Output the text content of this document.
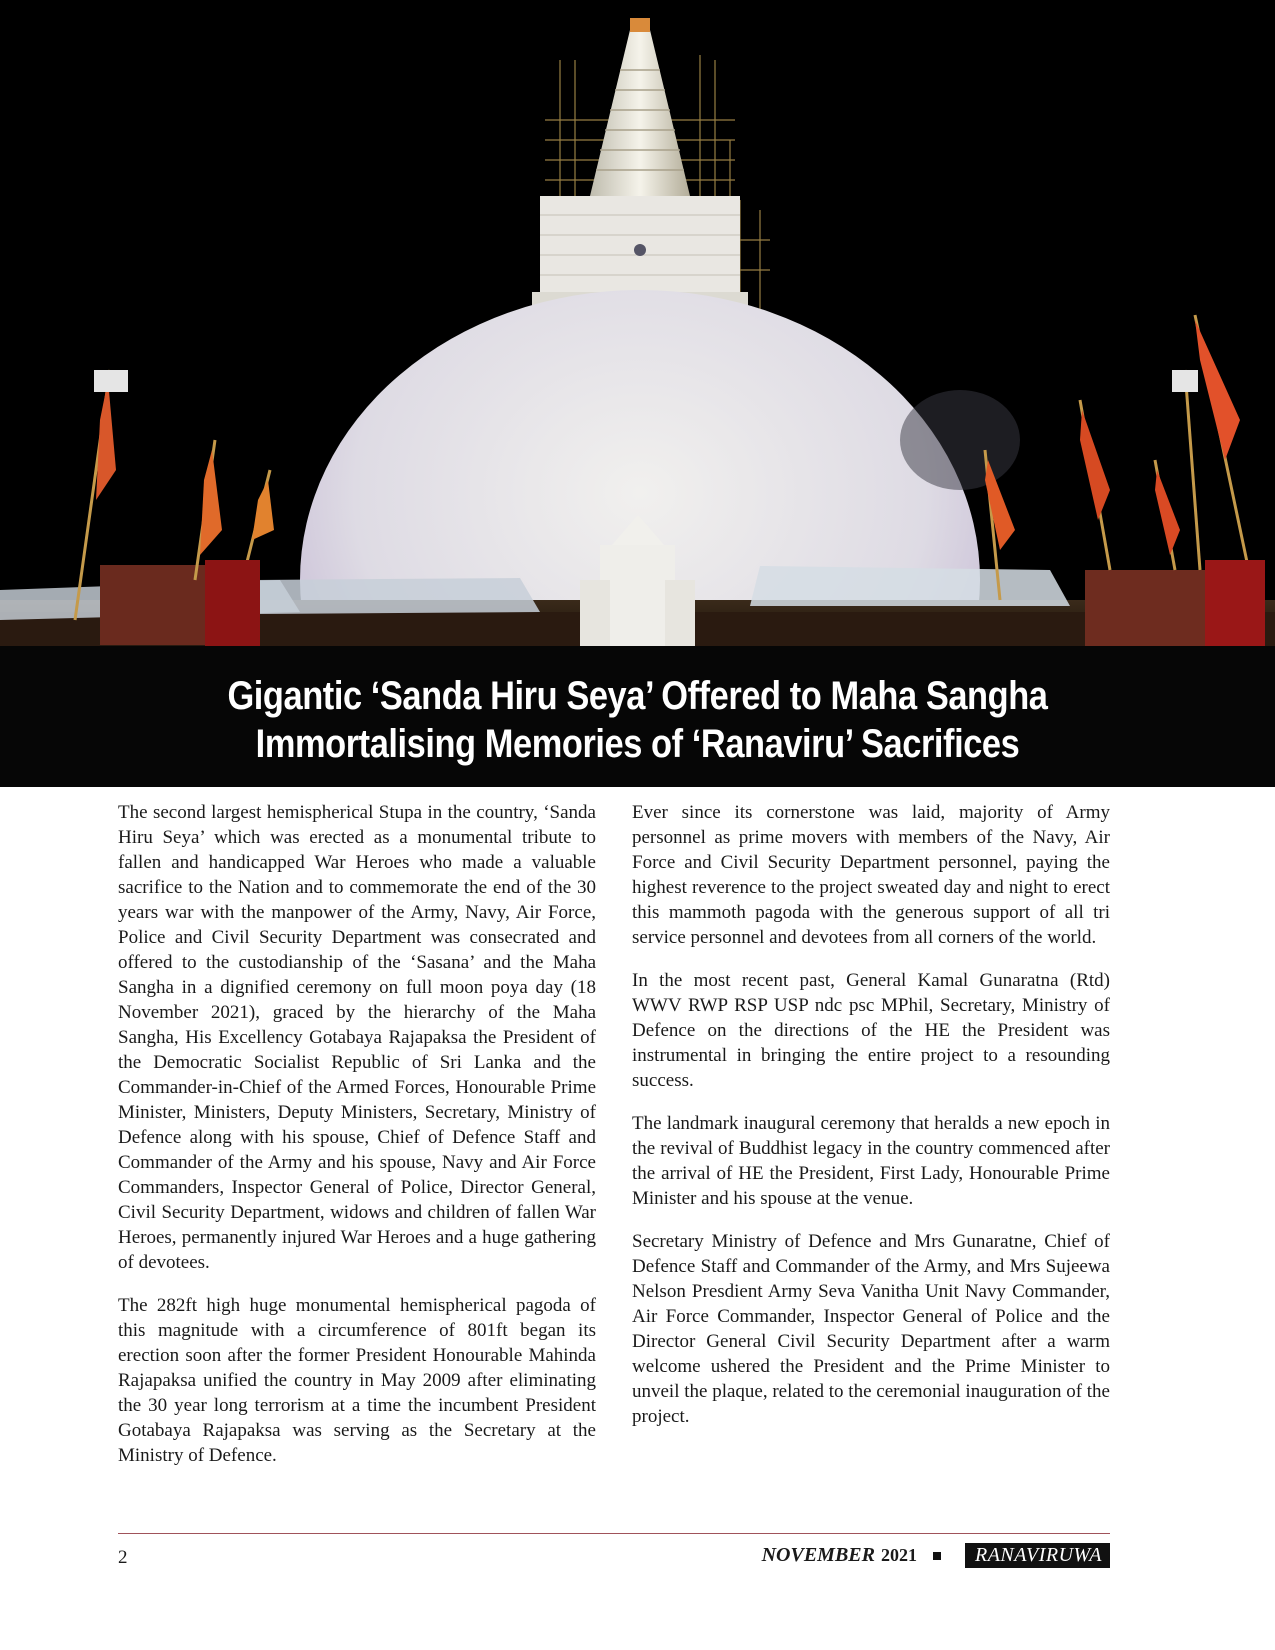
Gigantic ‘Sanda Hiru Seya’ Offered to Maha Sangha
Immortalising Memories of ‘Ranaviru’ Sacrifices

The second largest hemispherical Stupa in the country, ‘Sanda Hiru Seya’ which was erected as a monumental tribute to fallen and handicapped War Heroes who made a valuable sacrifice to the Nation and to commemorate the end of the 30 years war with the manpower of the Army, Navy, Air Force, Police and Civil Security Department was consecrated and offered to the custodianship of the ‘Sasana’ and the Maha Sangha in a dignified ceremony on full moon poya day (18 November 2021), graced by the hierarchy of the Maha Sangha, His Excellency Gotabaya Rajapaksa the President of the Democratic Socialist Republic of Sri Lanka and the Commander-in-Chief of the Armed Forces, Honourable Prime Minister, Ministers, Deputy Ministers, Secretary, Ministry of Defence along with his spouse, Chief of Defence Staff and Commander of the Army and his spouse, Navy and Air Force Commanders, Inspector General of Police, Director General, Civil Security Department, widows and children of fallen War Heroes, permanently injured War Heroes and a huge gathering of devotees.

The 282ft high huge monumental hemispherical pagoda of this magnitude with a circumference of 801ft began its erection soon after the former President Honourable Mahinda Rajapaksa unified the country in May 2009 after eliminating the 30 year long terrorism at a time the incumbent President Gotabaya Rajapaksa was serving as the Secretary at the Ministry of Defence.

Ever since its cornerstone was laid, majority of Army personnel as prime movers with members of the Navy, Air Force and Civil Security Department personnel, paying the highest reverence to the project sweated day and night to erect this mammoth pagoda with the generous support of all tri service personnel and devotees from all corners of the world.

In the most recent past, General Kamal Gunaratna (Rtd) WWV RWP RSP USP ndc psc MPhil, Secretary, Ministry of Defence on the directions of the HE the President was instrumental in bringing the entire project to a resounding success.

The landmark inaugural ceremony that heralds a new epoch in the revival of Buddhist legacy in the country commenced after the arrival of HE the President, First Lady, Honourable Prime Minister and his spouse at the venue.

Secretary Ministry of Defence and Mrs Gunaratne, Chief of Defence Staff and Commander of the Army, and Mrs Sujeewa Nelson Presdient Army Seva Vanitha Unit Navy Commander, Air Force Commander, Inspector General of Police and the Director General Civil Security Department after a warm welcome ushered the President and the Prime Minister to unveil the plaque, related to the ceremonial inauguration of the project.

2	NOVEMBER 2021	RANAVIRUWA
